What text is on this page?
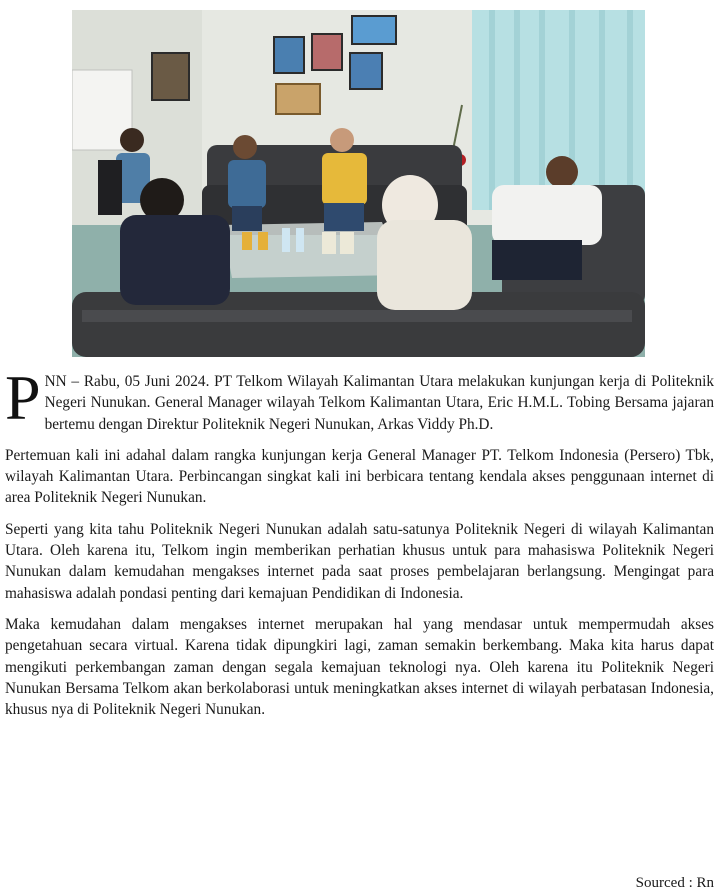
PNN – Rabu, 05 Juni 2024. PT Telkom Wilayah Kalimantan Utara melakukan kunjungan kerja di Politeknik Negeri Nunukan. General Manager wilayah Telkom Kalimantan Utara, Eric H.M.L. Tobing Bersama jajaran bertemu dengan Direktur Politeknik Negeri Nunukan, Arkas Viddy Ph.D.

Pertemuan kali ini adahal dalam rangka kunjungan kerja General Manager PT. Telkom Indonesia (Persero) Tbk, wilayah Kalimantan Utara. Perbincangan singkat kali ini berbicara tentang kendala akses penggunaan internet di area Politeknik Negeri Nunukan.

Seperti yang kita tahu Politeknik Negeri Nunukan adalah satu-satunya Politeknik Negeri di wilayah Kalimantan Utara. Oleh karena itu, Telkom ingin memberikan perhatian khusus untuk para mahasiswa Politeknik Negeri Nunukan dalam kemudahan mengakses internet pada saat proses pembelajaran berlangsung. Mengingat para mahasiswa adalah pondasi penting dari kemajuan Pendidikan di Indonesia.

Maka kemudahan dalam mengakses internet merupakan hal yang mendasar untuk mempermudah akses pengetahuan secara virtual. Karena tidak dipungkiri lagi, zaman semakin berkembang. Maka kita harus dapat mengikuti perkembangan zaman dengan segala kemajuan teknologi nya. Oleh karena itu Politeknik Negeri Nunukan Bersama Telkom akan berkolaborasi untuk meningkatkan akses internet di wilayah perbatasan Indonesia, khusus nya di Politeknik Negeri Nunukan.

Sourced : Rn
